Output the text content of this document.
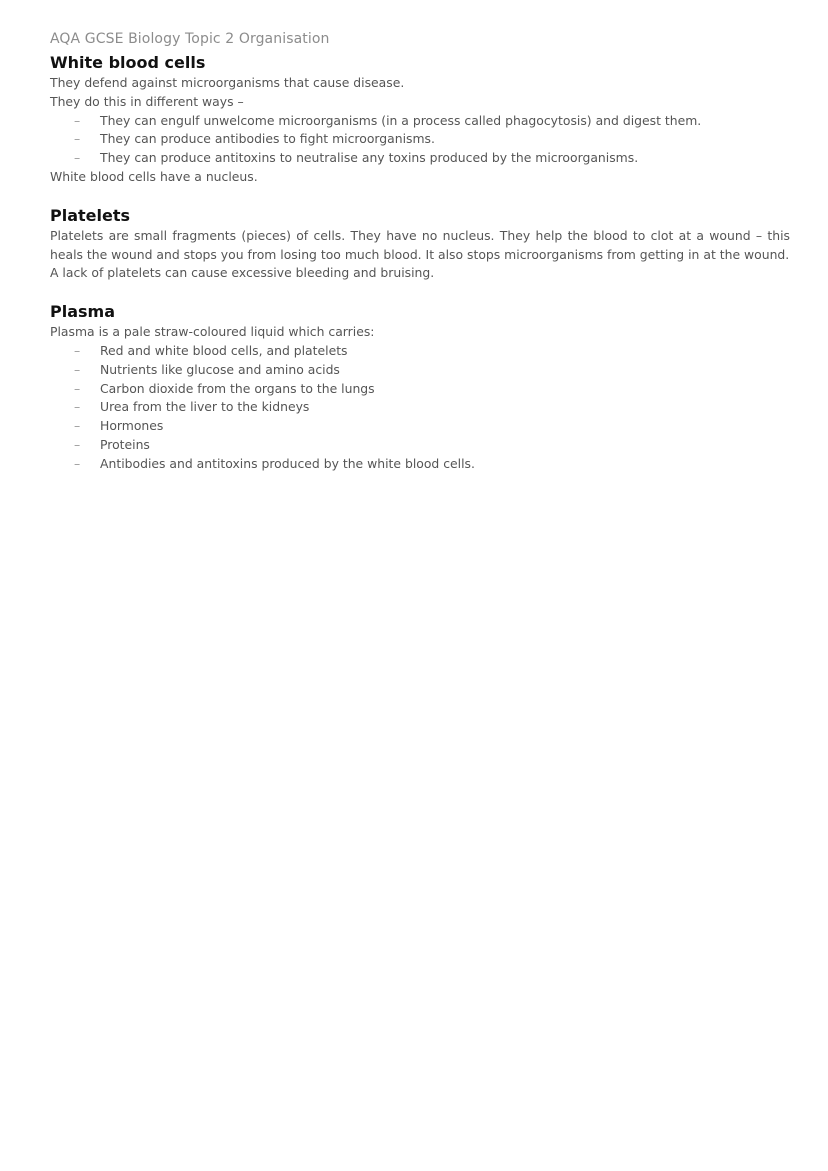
AQA GCSE Biology Topic 2 Organisation
White blood cells

They defend against microorganisms that cause disease.

They do this in different ways –

– They can engulf unwelcome microorganisms (in a process called phagocytosis) and digest them.
– They can produce antibodies to fight microorganisms.
– They can produce antitoxins to neutralise any toxins produced by the microorganisms.

White blood cells have a nucleus.

Platelets

Platelets are small fragments (pieces) of cells. They have no nucleus. They help the blood to clot at a wound – this heals the wound and stops you from losing too much blood. It also stops microorganisms from getting in at the wound.

A lack of platelets can cause excessive bleeding and bruising.

Plasma

Plasma is a pale straw-coloured liquid which carries:

– Red and white blood cells, and platelets
– Nutrients like glucose and amino acids
– Carbon dioxide from the organs to the lungs
– Urea from the liver to the kidneys
– Hormones
– Proteins
– Antibodies and antitoxins produced by the white blood cells.
